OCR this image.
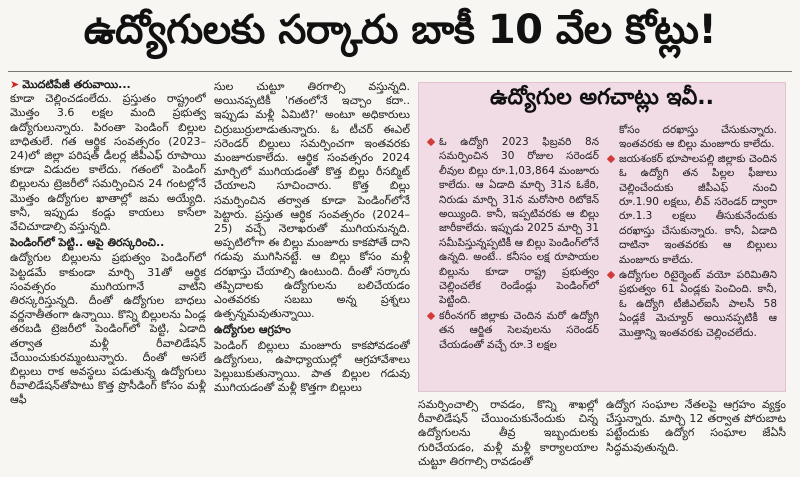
ఉద్యోగులకు సర్కారు బాకీ 10 వేల కోట్లు!
➤ మొదటిపేజీ తరువాయి...

కూడా చెల్లించడంలేదు. ప్రస్తుతం రాష్ట్రంలో మొత్తం 3.6 లక్షల మంది ప్రభుత్వ ఉద్యోగులున్నారు. పిరంతా పెండింగ్ బిల్లుల బాధితులే. గత ఆర్థిక సంవత్సరం (2023–24)లో జిల్లా పరిషత్ డీలర్ల జీపీఎఫ్ రూపాయి కూడా విడుదల కాలేదు. గతంలో పెండింగ్ బిల్లులను ట్రెజరీలో సమర్పించిన 24 గంటల్లోనే మొత్తం ఉద్యోగుల ఖాతాల్లో జమ అయ్యేది. కానీ, ఇప్పుడు కండ్లు కాయలు కాసేలా వేచిచూడాల్సి వస్తున్నది.

పెండింగ్‌లో పెట్టి.. ఆపై తిరస్కరించి..

ఉద్యోగుల బిల్లులను ప్రభుత్వం పెండింగ్‌లో పెట్టడమే కాకుండా మార్చి 31తో ఆర్థిక సంవత్సరం ముగియగానే వాటిని తిరస్కరిస్తున్నది. దీంతో ఉద్యోగుల బాధలు వర్ణనాతీతంగా ఉన్నాయి. కొన్ని బిల్లులను ఏండ్ల తరబడి ట్రెజరీలో పెండింగ్‌లో పెట్టి, ఏడాది తర్వాత మళ్లీ రీవాలిడేషన్ చేయించుకురమ్మంటున్నారు. దీంతో అసలే బిల్లులు రాక అవస్థలు పడుతున్న ఉద్యోగులు రీవాలిడేషన్‌తోపాటు కొత్త ప్రొసీడింగ్ కోసం మళ్లీ ఆఫీ

సుల చుట్టూ తిరగాల్సి వస్తున్నది. అయినప్పటికీ 'గతంలోనే ఇచ్చాం కదా.. ఇప్పుడు మళ్లీ ఏమిటి?' అంటూ అధికారులు చిర్రుబుర్రులాడుతున్నారు. ఓ టీచర్ ఈఎల్ సరెండర్ బిల్లులు సమర్పించగా ఇంతవరకు మంజూరుకాలేదు. ఆర్థిక సంవత్సరం 2024 మార్చిలో ముగియడంతో కొత్త బిల్లు రీసబ్మిట్ చేయాలని సూచించారు. కొత్త బిల్లు సమర్పించిన తర్వాత కూడా పెండింగ్‌లోనే పెట్టారు. ప్రస్తుత ఆర్థిక సంవత్సరం (2024–25) వచ్చే నెలాఖరుతో ముగియనున్నది. అప్పటిలోగా ఈ బిల్లు మంజూరు కాకపోతే దాని గడువు ముగిసినట్టే. ఆ బిల్లు కోసం మళ్లీ దరఖాస్తు చేయాల్సి ఉంటుంది. దీంతో సర్కారు తప్పిదాలకు ఉద్యోగులను బలిచేయడం ఎంతవరకు సబబు అన్న ప్రశ్నలు ఉత్పన్నమవుతున్నాయి.

ఉద్యోగుల ఆగ్రహం

పెండింగ్ బిల్లులు మంజూరు కాకపోవడంతో ఉద్యోగులు, ఉపాధ్యాయుల్లో ఆగ్రహావేశాలు పెల్లుబుకుతున్నాయి. పాత బిల్లుల గడువు ముగియడంతో మళ్లీ కొత్తగా బిల్లులు

ఉద్యోగుల అగచాట్లు ఇవీ..
ఓ ఉద్యోగి 2023 ఫిబ్రవరి 8న సమర్పించిన 30 రోజుల సరెండర్ లీవుల బిల్లు రూ.1,03,864 మంజూరు కాలేదు. ఆ ఏడాది మార్చి 31న ఓకేరి, నిరుడు మార్చి 31న మరోసారి రిటోకెన్ అయ్యింది. కానీ, ఇప్పటివరకు ఆ బిల్లు జారీకాలేదు. ఇప్పుడు 2025 మార్చి 31 సమీపిస్తున్నప్పటికీ ఆ బిల్లు పెండింగ్‌లోనే ఉన్నది. అంటే.. కనీసం లక్ష రూపాయల బిల్లును కూడా రాష్ట్ర ప్రభుత్వం చెల్లించలేక రెండేండ్లు పెండింగ్‌లో పెట్టింది.
కరీంనగర్ జిల్లాకు చెందిన మరో ఉద్యోగి తన ఆర్జిత సెలవులను సరెండర్ చేయడంతో వచ్చే రూ.3 లక్షల
కోసం దరఖాస్తు చేసుకున్నారు. ఇంతవరకు ఆ బిల్లు మంజూరు కాలేదు.
జయశంకర్ భూపాలపల్లి జిల్లాకు చెందిన ఓ ఉద్యోగి తన పిల్లల ఫీజులు చెల్లించేందుకు జీపీఎఫ్ నుంచి రూ.1.90 లక్షలు, లీవ్ సరెండర్ ద్వారా రూ.1.3 లక్షలు తీసుకునేందుకు దరఖాస్తు చేసుకున్నారు. కానీ, ఏడాది దాటినా ఇంతవరకు ఆ బిల్లులు మంజూరు కాలేదు.
ఉద్యోగుల రిటైర్మెంట్ వయో పరిమితిని ప్రభుత్వం 61 ఏండ్లకు పెంచింది. కానీ, ఓ ఉద్యోగి టీజీఎల్ఐసీ పాలసీ 58 ఏండ్లకే మెచ్యూర్ అయినప్పటికీ ఆ మొత్తాన్ని ఇంతవరకు చెల్లించలేదు.

సమర్పించాల్సి రావడం, కొన్ని శాఖల్లో రీవాలిడేషన్ చేయించుకునేందుకు చిన్న ఉద్యోగులను తీవ్ర ఇబ్బందులకు గురిచేయడం, మళ్లీ మళ్లీ కార్యాలయాల చుట్టూ తిరగాల్సి రావడంతో

ఉద్యోగ సంఘాల నేతలపై ఆగ్రహం వ్యక్తం చేస్తున్నారు. మార్చి 12 తర్వాత పోరుబాట పట్టేందుకు ఉద్యోగ సంఘాల జేఏసీ సిద్ధమవుతున్నది.
